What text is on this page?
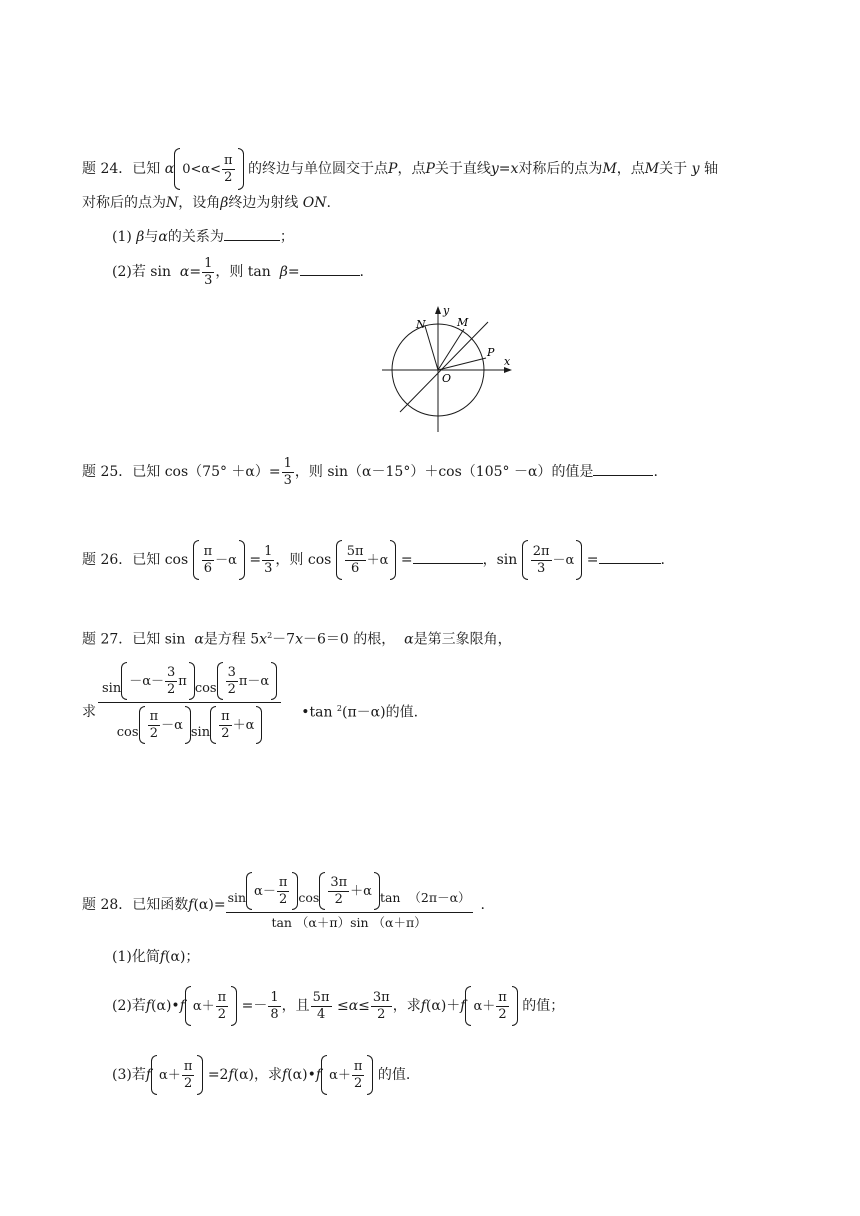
题 24．已知 α 0< α <
π
2 的终边与单位圆交于点P，点P关于直线y=x对称后的点为M，点M关于 y 轴
对称后的点为N，设角β终边为射线 ON.
(1) β与α的关系为	；
(2)若 $\sin \alpha= \frac{1}{3}$ ，则 tan β=	.
y
x
O
N	M
P
题 25．已知 $\cos(75^\circ +\alpha)= \frac{1}{3}$ ，则 sin（α－15°）＋cos（105° －α）的值是	.
题 26．已知 cos
π
6
$-\alpha = \frac{1}{3}$ ，则 cos
5π
6
＋α =	，sin
2π
3
－α =	.
题 27．已知 sin α是方程 $5x^2-7x-6=0$ 的根， α是第三象限角，
求
sin －α－
3
2
π cos
3
2
π－α
cos
π
2
－α sin
π
2
＋α
•tan $^2$(π－α)的值.
题 28．已知函数f(α)= sin α－
π
2 cos
3π
2
＋α tan
（2π－α）
tan （α＋π）sin （α＋π） .
(1)化简f(α)；
(2)若 f (α) • f α＋
π
2
=－
1
8 ，且 $\frac{5\pi}{4}$
≤ $\alpha \le \frac{3\pi}{2}$ ，求 f (α) ＋ f α＋
π
2
的值；
(3)若 f α＋
π
2
=2 f (α) ，求 f (α) • f α＋
π
2
的值.
